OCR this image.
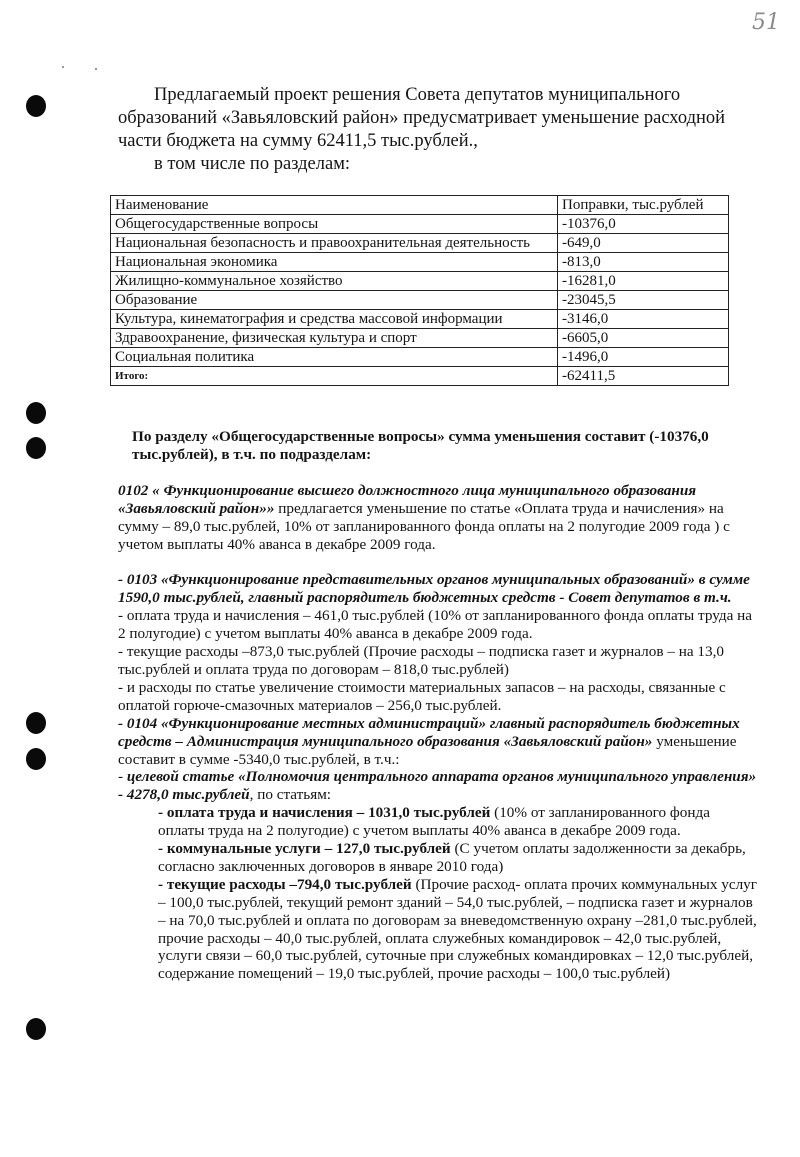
51

Предлагаемый проект решения Совета депутатов муниципального

образований «Завьяловский район» предусматривает уменьшение расходной части бюджета на сумму 62411,5 тыс.рублей.,

в том числе по разделам:

Наименование	Поправки, тыс.рублей
Общегосударственные вопросы	-10376,0
Национальная безопасность и правоохранительная деятельность	-649,0
Национальная экономика	-813,0
Жилищно-коммунальное хозяйство	-16281,0
Образование	-23045,5
Культура, кинематография и средства массовой информации	-3146,0
Здравоохранение, физическая культура и спорт	-6605,0
Социальная политика	-1496,0
Итого:	-62411,5

По разделу «Общегосударственные вопросы» сумма уменьшения составит (-10376,0 тыс.рублей), в т.ч. по подразделам:

0102 « Функционирование высшего должностного лица муниципального образования «Завьяловский район»» предлагается уменьшение по статье «Оплата труда и начисления» на сумму – 89,0 тыс.рублей, 10% от запланированного фонда оплаты на 2 полугодие 2009 года ) с учетом выплаты 40% аванса в декабре 2009 года.

- 0103 «Функционирование представительных органов муниципальных образований» в сумме 1590,0 тыс.рублей, главный распорядитель бюджетных средств - Совет депутатов в т.ч.

- оплата труда и начисления – 461,0 тыс.рублей (10% от запланированного фонда оплаты труда на 2 полугодие) с учетом выплаты 40% аванса в декабре 2009 года.

- текущие расходы –873,0 тыс.рублей (Прочие расходы – подписка газет и журналов – на 13,0 тыс.рублей и оплата труда по договорам – 818,0 тыс.рублей)

- и расходы по статье увеличение стоимости материальных запасов – на расходы, связанные с оплатой горюче-смазочных материалов – 256,0 тыс.рублей.

- 0104 «Функционирование местных администраций» главный распорядитель бюджетных средств – Администрация муниципального образования «Завьяловский район» уменьшение составит в сумме -5340,0 тыс.рублей, в т.ч.:

- целевой статье «Полномочия центрального аппарата органов муниципального управления» - 4278,0 тыс.рублей, по статьям:

- оплата труда и начисления – 1031,0 тыс.рублей (10% от запланированного фонда оплаты труда на 2 полугодие) с учетом выплаты 40% аванса в декабре 2009 года.

- коммунальные услуги – 127,0 тыс.рублей (С учетом оплаты задолженности за декабрь, согласно заключенных договоров в январе 2010 года)

- текущие расходы –794,0 тыс.рублей (Прочие расход- оплата прочих коммунальных услуг – 100,0 тыс.рублей, текущий ремонт зданий – 54,0 тыс.рублей, – подписка газет и журналов – на 70,0 тыс.рублей и оплата по договорам за вневедомственную охрану –281,0 тыс.рублей, прочие расходы – 40,0 тыс.рублей, оплата служебных командировок – 42,0 тыс.рублей, услуги связи – 60,0 тыс.рублей, суточные при служебных командировках – 12,0 тыс.рублей, содержание помещений – 19,0 тыс.рублей, прочие расходы – 100,0 тыс.рублей)
